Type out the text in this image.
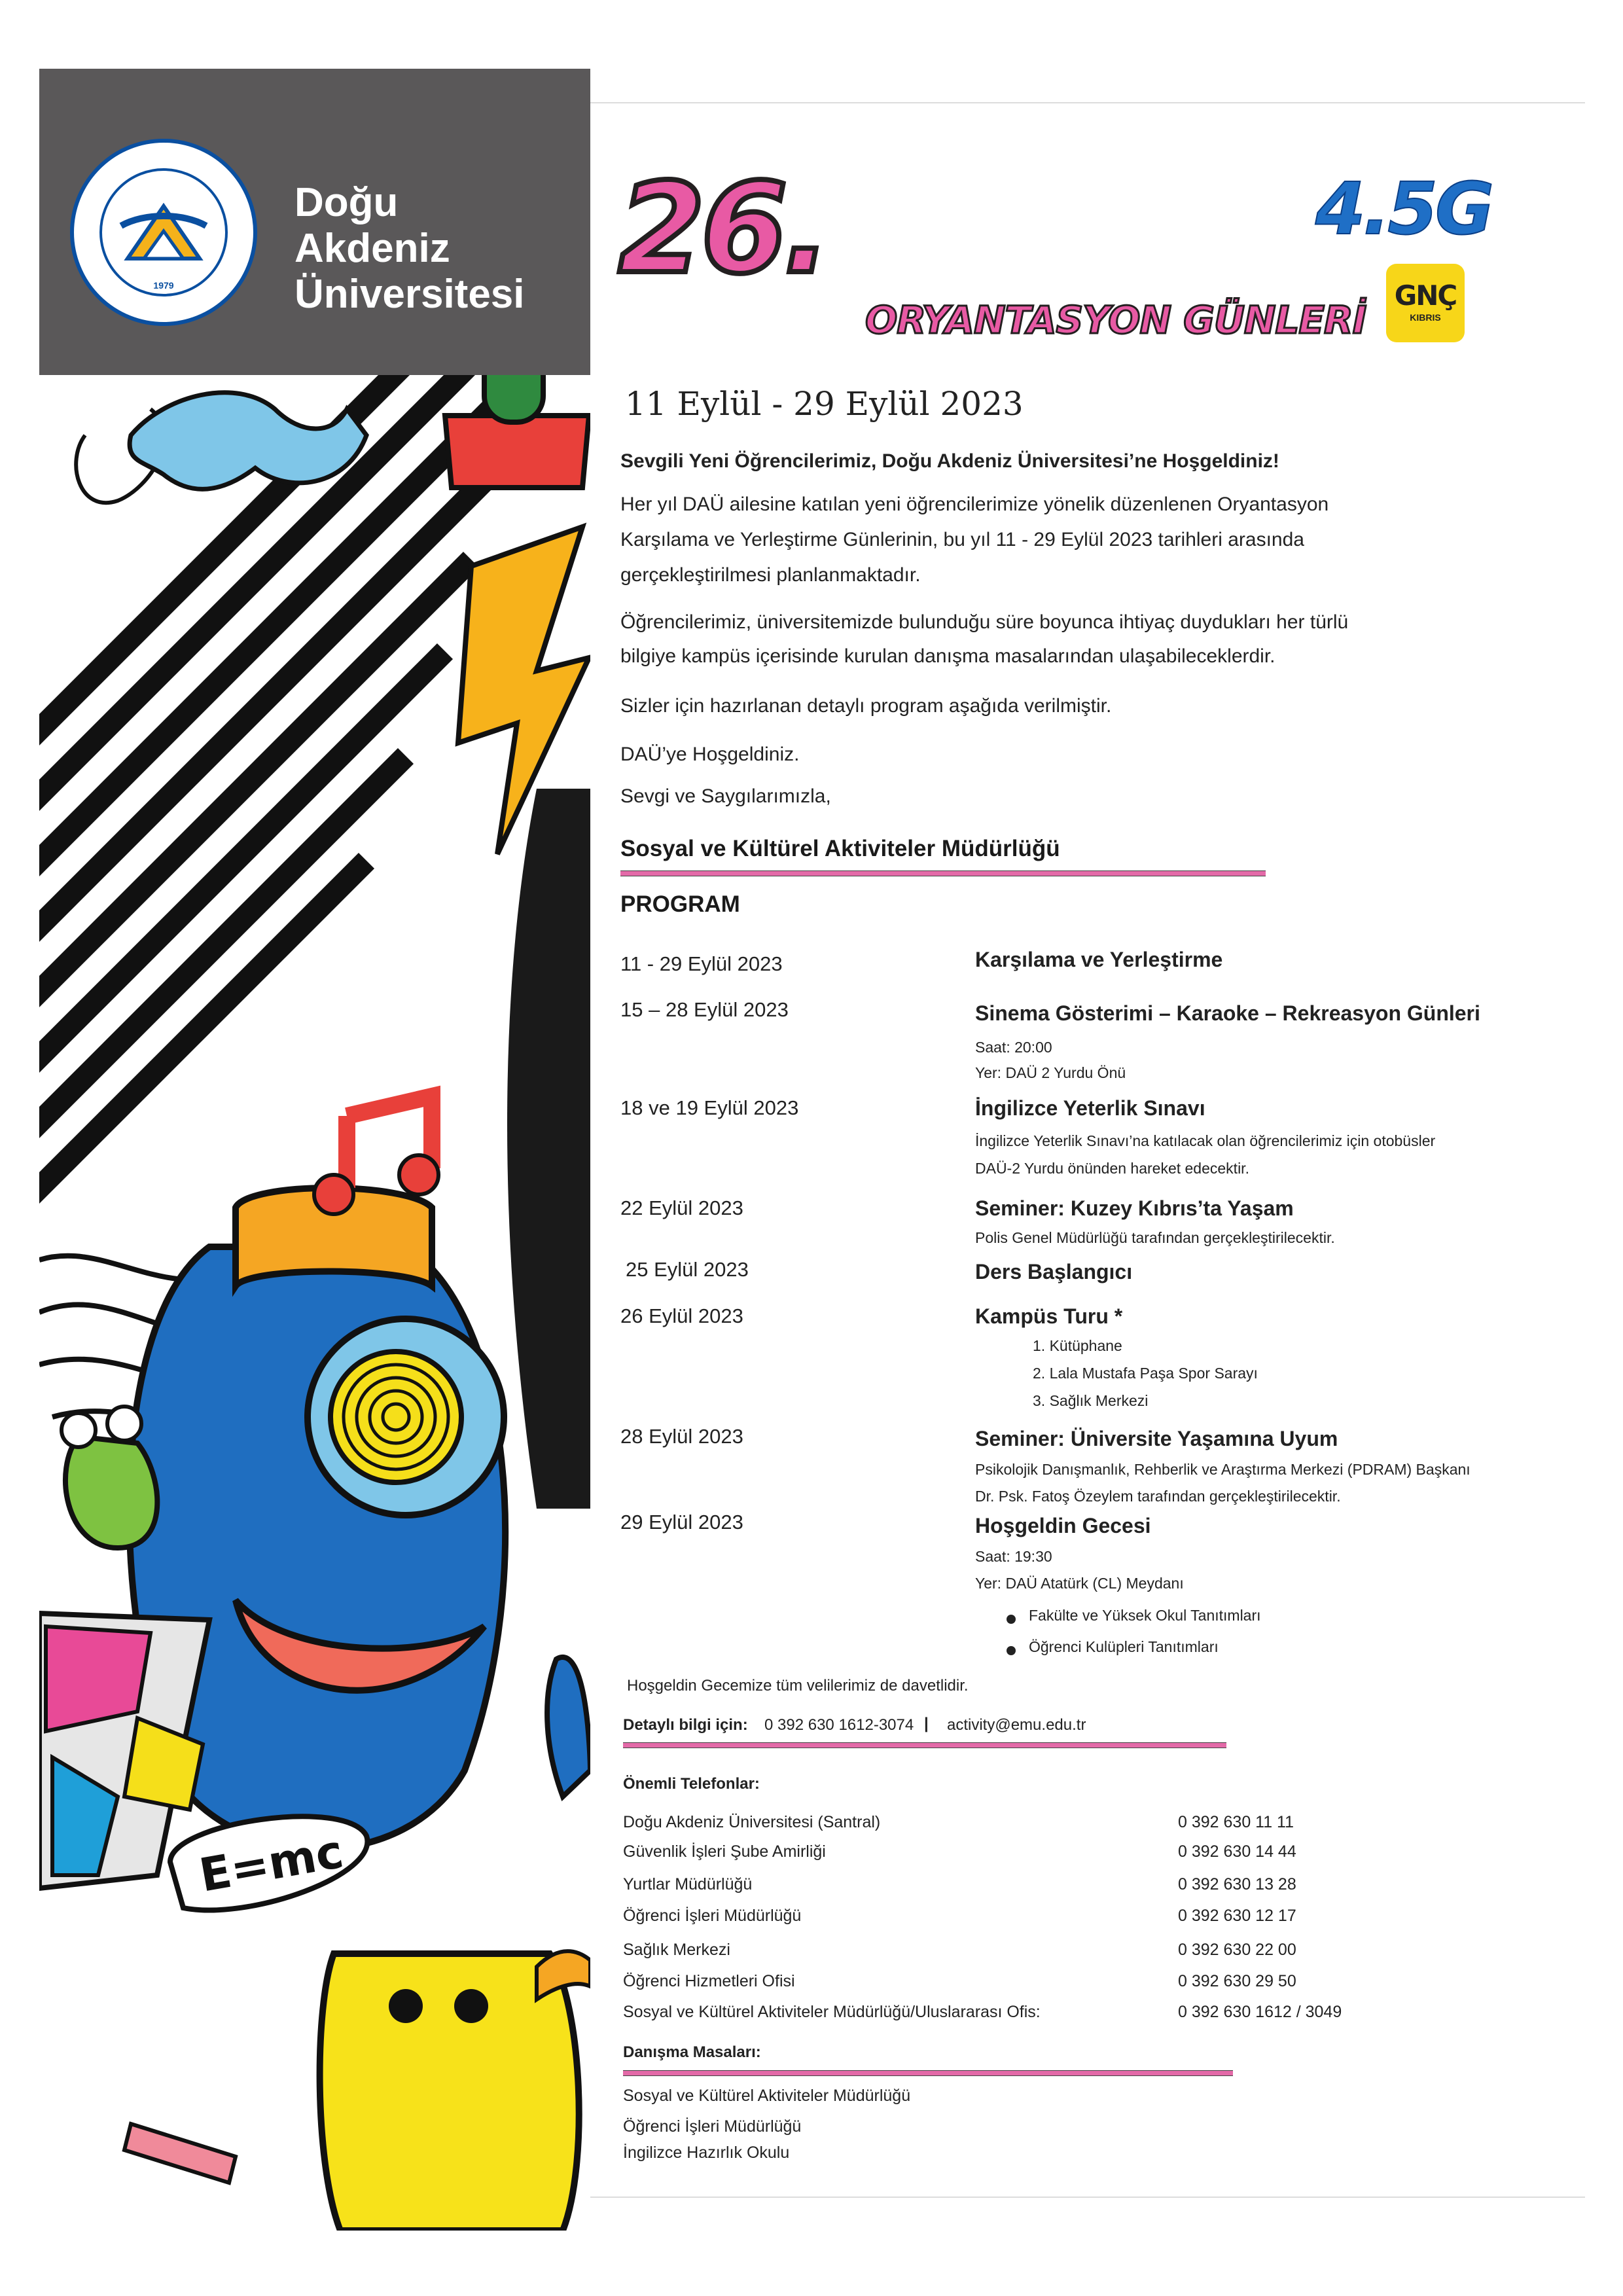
E=mc
1979
Doğu
Akdeniz
Üniversitesi 26.
ORYANTASYON GÜNLERİ
4.5G
GNÇ
KIBRIS
11 Eylül - 29 Eylül 2023
Sevgili Yeni Öğrencilerimiz, Doğu Akdeniz Üniversitesi’ne Hoşgeldiniz!
Her yıl DAÜ ailesine katılan yeni öğrencilerimize yönelik düzenlenen Oryantasyon
Karşılama ve Yerleştirme Günlerinin, bu yıl 11 - 29 Eylül 2023 tarihleri arasında
gerçekleştirilmesi planlanmaktadır.
Öğrencilerimiz, üniversitemizde bulunduğu süre boyunca ihtiyaç duydukları her türlü
bilgiye kampüs içerisinde kurulan danışma masalarından ulaşabileceklerdir.
Sizler için hazırlanan detaylı program aşağıda verilmiştir.
DAÜ’ye Hoşgeldiniz.
Sevgi ve Saygılarımızla,
Sosyal ve Kültürel Aktiviteler Müdürlüğü
PROGRAM
11 - 29 Eylül 2023	Karşılama ve Yerleştirme
15 – 28 Eylül 2023	Sinema Gösterimi – Karaoke – Rekreasyon Günleri
Saat: 20:00
Yer: DAÜ 2 Yurdu Önü
18 ve 19 Eylül 2023	İngilizce Yeterlik Sınavı
İngilizce Yeterlik Sınavı’na katılacak olan öğrencilerimiz için otobüsler
DAÜ-2 Yurdu önünden hareket edecektir.
22 Eylül 2023	Seminer: Kuzey Kıbrıs’ta Yaşam
Polis Genel Müdürlüğü tarafından gerçekleştirilecektir.
25 Eylül 2023	Ders Başlangıcı
26 Eylül 2023	Kampüs Turu *
1. Kütüphane
2. Lala Mustafa Paşa Spor Sarayı
3. Sağlık Merkezi
28 Eylül 2023	Seminer: Üniversite Yaşamına Uyum
Psikolojik Danışmanlık, Rehberlik ve Araştırma Merkezi (PDRAM) Başkanı
Dr. Psk. Fatoş Özeylem tarafından gerçekleştirilecektir.
29 Eylül 2023	Hoşgeldin Gecesi
Saat: 19:30
Yer: DAÜ Atatürk (CL) Meydanı
Fakülte ve Yüksek Okul Tanıtımları
Öğrenci Kulüpleri Tanıtımları
Hoşgeldin Gecemize tüm velilerimiz de davetlidir.
Detaylı bilgi için: 0 392 630 1612-3074 | activity@emu.edu.tr
Önemli Telefonlar:
Doğu Akdeniz Üniversitesi (Santral)	0 392 630 11 11
Güvenlik İşleri Şube Amirliği	0 392 630 14 44
Yurtlar Müdürlüğü	0 392 630 13 28
Öğrenci İşleri Müdürlüğü	0 392 630 12 17
Sağlık Merkezi	0 392 630 22 00
Öğrenci Hizmetleri Ofisi	0 392 630 29 50
Sosyal ve Kültürel Aktiviteler Müdürlüğü/Uluslararası Ofis:	0 392 630 1612 / 3049
Danışma Masaları:
Sosyal ve Kültürel Aktiviteler Müdürlüğü
Öğrenci İşleri Müdürlüğü
İngilizce Hazırlık Okulu
